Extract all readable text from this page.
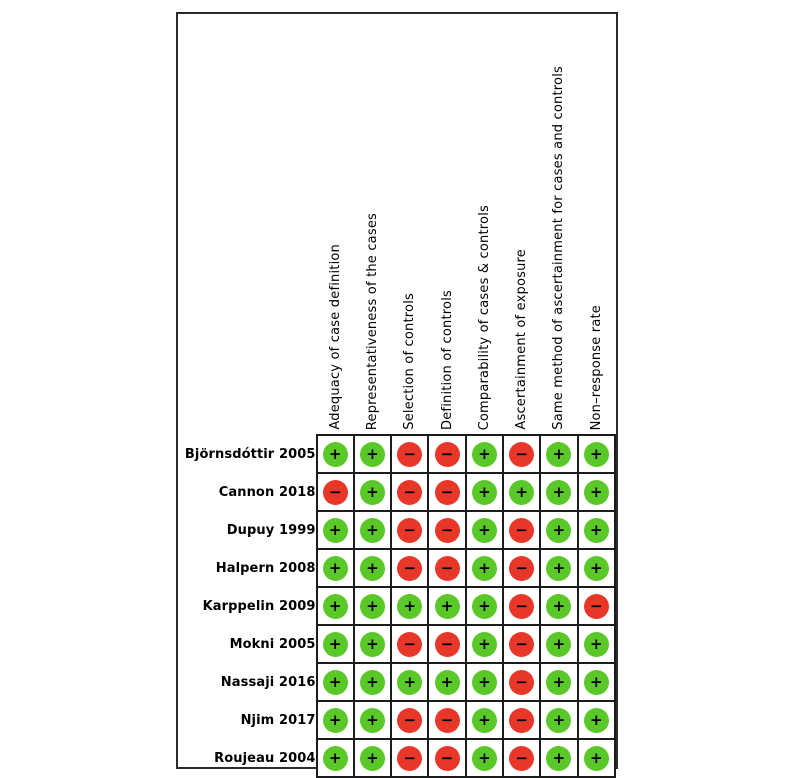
	Adequacy of case definition	Representativeness of the cases	Selection of controls	Definition of controls	Comparability of cases & controls	Ascertainment of exposure	Same method of ascertainment for cases and controls	Non–response rate
Björnsdóttir 2005	+	+	−	−	+	−	+	+

Cannon 2018	−	+	−	−	+	+	+	+

Dupuy 1999	+	+	−	−	+	−	+	+

Halpern 2008	+	+	−	−	+	−	+	+

Karppelin 2009	+	+	+	+	+	−	+	−

Mokni 2005	+	+	−	−	+	−	+	+

Nassaji 2016	+	+	+	+	+	−	+	+

Njim 2017	+	+	−	−	+	−	+	+

Roujeau 2004	+	+	−	−	+	−	+	+
